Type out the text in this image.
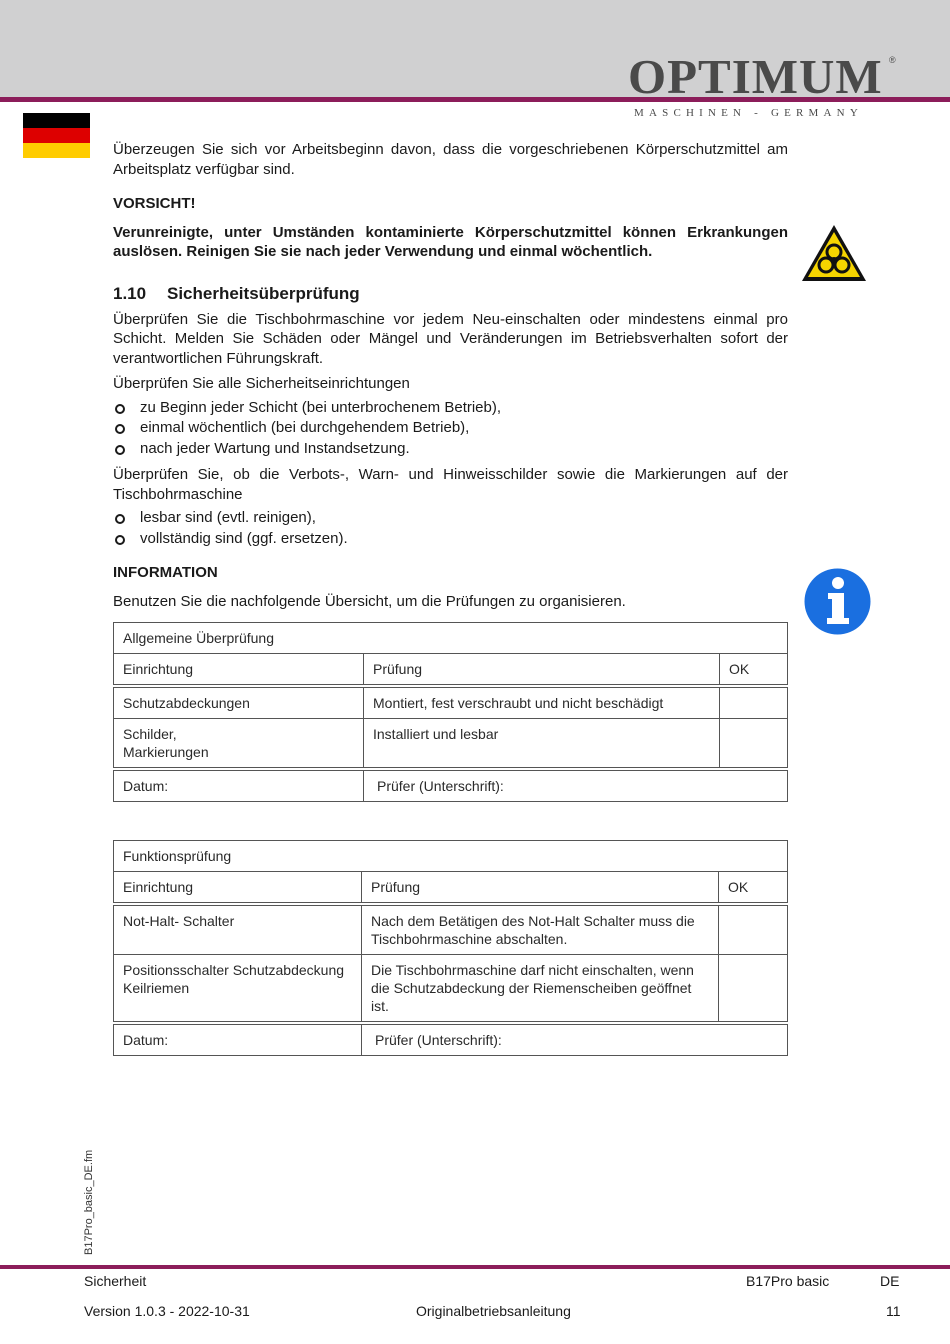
OPTIMUM ®
MASCHINEN - GERMANY

Überzeugen Sie sich vor Arbeitsbeginn davon, dass die vorgeschriebenen Körperschutzmittel am Arbeitsplatz verfügbar sind.

VORSICHT!

Verunreinigte, unter Umständen kontaminierte Körperschutzmittel können Erkrankungen auslösen. Reinigen Sie sie nach jeder Verwendung und einmal wöchentlich.

1.10 Sicherheitsüberprüfung

Überprüfen Sie die Tischbohrmaschine vor jedem Neu-einschalten oder mindestens einmal pro Schicht. Melden Sie Schäden oder Mängel und Veränderungen im Betriebsverhalten sofort der verantwortlichen Führungskraft.

Überprüfen Sie alle Sicherheitseinrichtungen

zu Beginn jeder Schicht (bei unterbrochenem Betrieb),
einmal wöchentlich (bei durchgehendem Betrieb),
nach jeder Wartung und Instandsetzung.

Überprüfen Sie, ob die Verbots-, Warn- und Hinweisschilder sowie die Markierungen auf der Tischbohrmaschine

lesbar sind (evtl. reinigen),
vollständig sind (ggf. ersetzen).

INFORMATION

Benutzen Sie die nachfolgende Übersicht, um die Prüfungen zu organisieren.

Allgemeine Überprüfung		
Einrichtung	Prüfung	OK
Schutzabdeckungen	Montiert, fest verschraubt und nicht beschädigt	
Schilder,
Markierungen	Installiert und lesbar	
Datum:	Prüfer (Unterschrift):	
Funktionsprüfung		
Einrichtung	Prüfung	OK
Not-Halt- Schalter	Nach dem Betätigen des Not-Halt Schalter muss die Tischbohrmaschine abschalten.	
Positionsschalter Schutzabdeckung Keilriemen	Die Tischbohrmaschine darf nicht einschalten, wenn die Schutzabdeckung der Riemenscheiben geöffnet ist.	
Datum:	Prüfer (Unterschrift):	
B17Pro_basic_DE.fm
Sicherheit	B17Pro basic	DE
Version 1.0.3 - 2022-10-31	Originalbetriebsanleitung	11
